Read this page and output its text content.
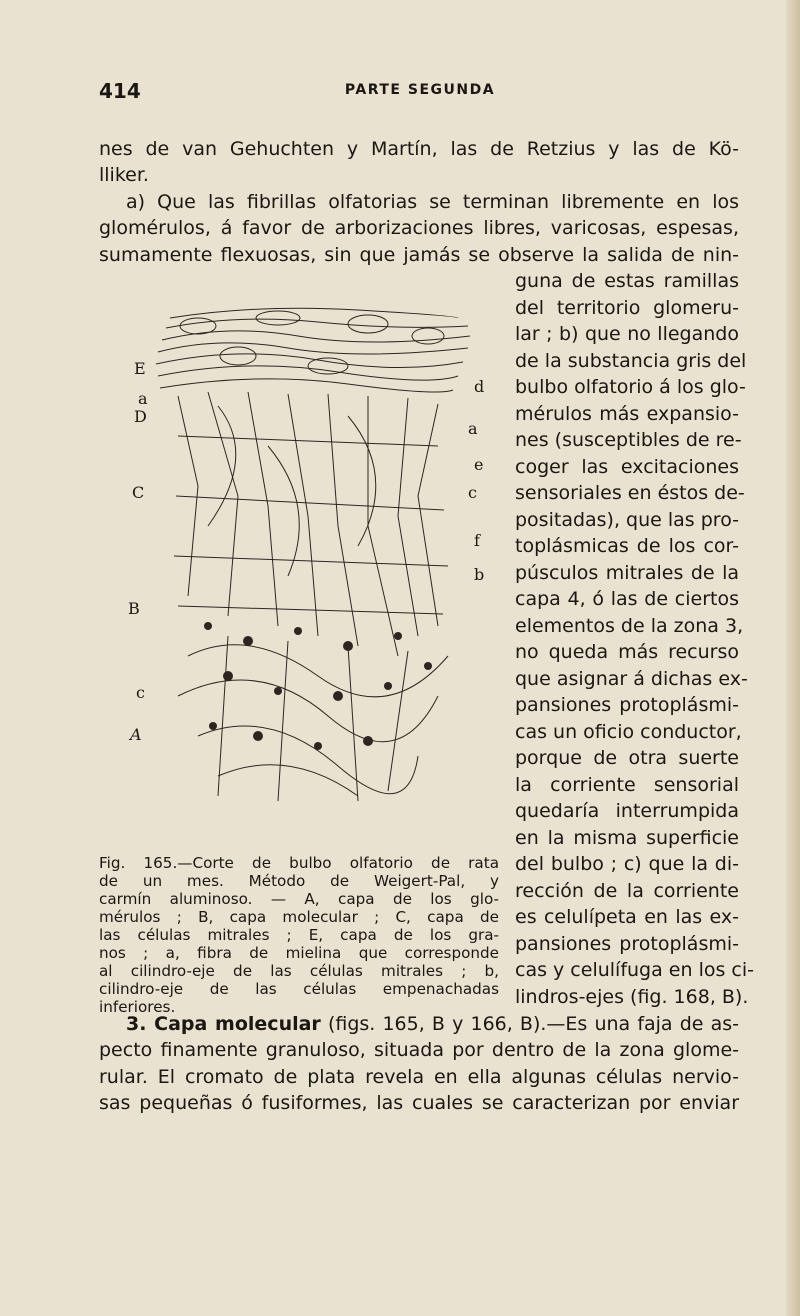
414	PARTE SEGUNDA

nes de van Gehuchten y Martín, las de Retzius y las de Kö-

lliker.

a) Que las fibrillas olfatorias se terminan libremente en los

glomérulos, á favor de arborizaciones libres, varicosas, espesas,

sumamente flexuosas, sin que jamás se observe la salida de nin-

guna de estas ramillas

del territorio glomeru-

lar ; b) que no llegando

de la substancia gris del

bulbo olfatorio á los glo-

mérulos más expansio-

nes (susceptibles de re-

coger las excitaciones

sensoriales en éstos de-

positadas), que las pro-

toplásmicas de los cor-

púsculos mitrales de la

capa 4, ó las de ciertos

elementos de la zona 3,

no queda más recurso

que asignar á dichas ex-

pansiones protoplásmi-

cas un oficio conductor,

porque de otra suerte

la corriente sensorial

quedaría interrumpida

en la misma superficie

del bulbo ; c) que la di-

rección de la corriente

es celulípeta en las ex-

pansiones protoplásmi-

cas y celulífuga en los ci-

lindros-ejes (fig. 168, B).

E
d
a
D
a
e
C	c
f
b
B
c
A

Fig. 165.—Corte de bulbo olfatorio de rata

de un mes. Método de Weigert-Pal, y

carmín aluminoso. — A, capa de los glo-

mérulos ; B, capa molecular ; C, capa de

las células mitrales ; E, capa de los gra-

nos ; a, fibra de mielina que corresponde

al cilindro-eje de las células mitrales ; b,

cilindro-eje de las células empenachadas

inferiores.

3. Capa molecular (figs. 165, B y 166, B).—Es una faja de as-

pecto finamente granuloso, situada por dentro de la zona glome-

rular. El cromato de plata revela en ella algunas células nervio-

sas pequeñas ó fusiformes, las cuales se caracterizan por enviar
